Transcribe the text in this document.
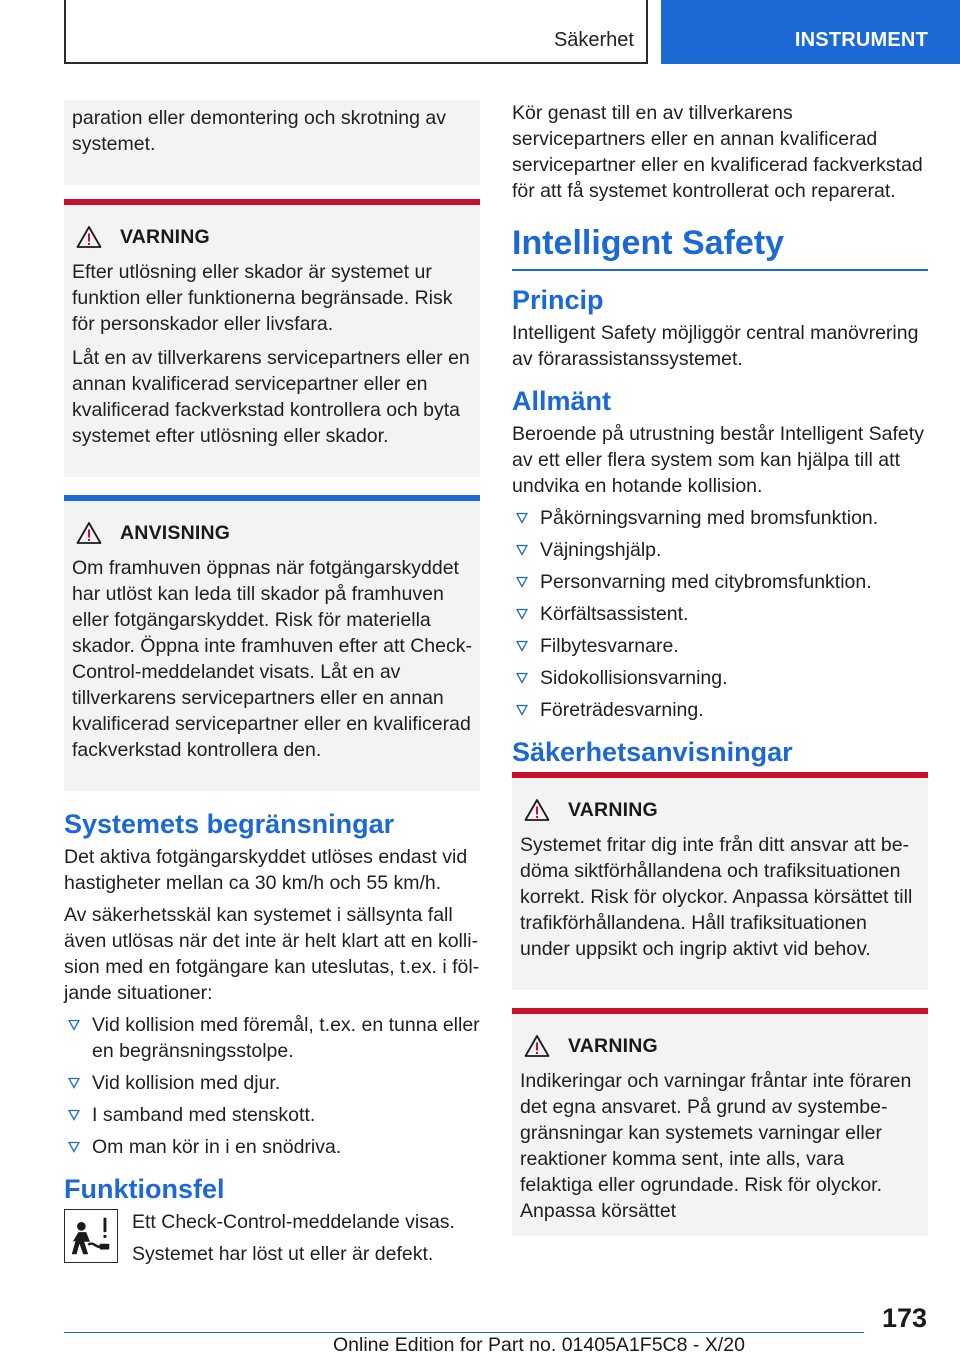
Säkerhet	INSTRUMENT

paration eller demontering och skrotning av systemet.

VARNING

Efter utlösning eller skador är systemet ur funktion eller funktionerna begränsade. Risk för personskador eller livsfara.

Låt en av tillverkarens servicepartners eller en annan kvalificerad servicepartner eller en kvalificerad fackverkstad kontrollera och byta systemet efter utlösning eller skador.

ANVISNING

Om framhuven öppnas när fotgängarskyddet har utlöst kan leda till skador på framhuven eller fotgängarskyddet. Risk för materiella skador. Öppna inte framhuven efter att Check-Control-meddelandet visats. Låt en av tillverkarens servicepartners eller en annan kvalificerad servicepartner eller en kvalificerad fackverkstad kontrollera den.

Systemets begränsningar

Det aktiva fotgängarskyddet utlöses endast vid hastigheter mellan ca 30 km/h och 55 km/h.

Av säkerhetsskäl kan systemet i sällsynta fall även utlösas när det inte är helt klart att en kollision med en fotgängare kan uteslutas, t.ex. i följande situationer:

Vid kollision med föremål, t.ex. en tunna eller en begränsningsstolpe.
Vid kollision med djur.
I samband med stenskott.
Om man kör in i en snödriva.
Funktionsfel

Ett Check-Control-meddelande visas.

Systemet har löst ut eller är defekt.

Kör genast till en av tillverkarens servicepartners eller en annan kvalificerad servicepartner eller en kvalificerad fackverkstad för att få systemet kontrollerat och reparerat.

Intelligent Safety
Princip

Intelligent Safety möjliggör central manövrering av förarassistanssystemet.

Allmänt

Beroende på utrustning består Intelligent Safety av ett eller flera system som kan hjälpa till att undvika en hotande kollision.

Påkörningsvarning med bromsfunktion.
Väjningshjälp.
Personvarning med citybromsfunktion.
Körfältsassistent.
Filbytesvarnare.
Sidokollisionsvarning.
Företrädesvarning.
Säkerhetsanvisningar
VARNING

Systemet fritar dig inte från ditt ansvar att bedöma siktförhållandena och trafiksituationen korrekt. Risk för olyckor. Anpassa körsättet till trafikförhållandena. Håll trafiksituationen under uppsikt och ingrip aktivt vid behov.

VARNING

Indikeringar och varningar fråntar inte föraren det egna ansvaret. På grund av systembegränsningar kan systemets varningar eller reaktioner komma sent, inte alls, vara felaktiga eller ogrundade. Risk för olyckor. Anpassa körsättet

173
Online Edition for Part no. 01405A1F5C8 - X/20
